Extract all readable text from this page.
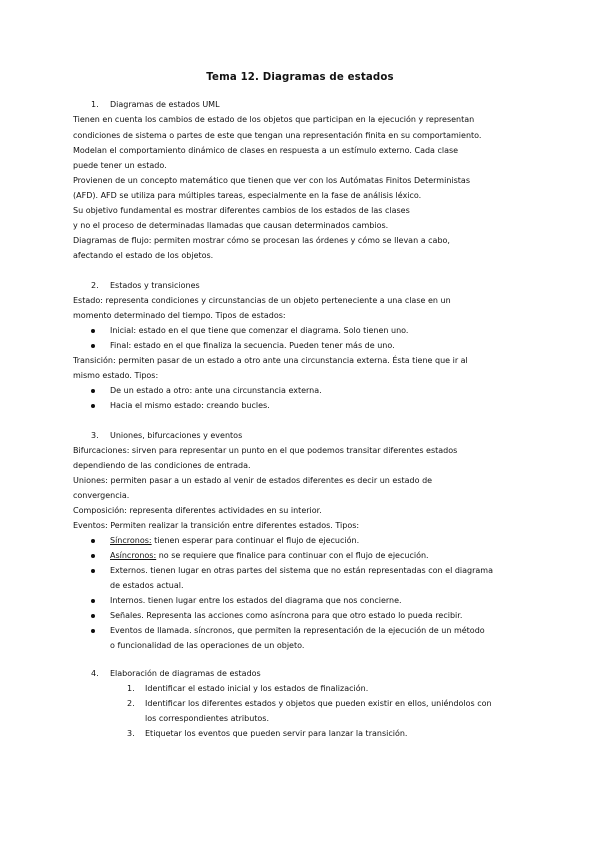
Tema 12. Diagramas de estados
1. Diagramas de estados UML
Tienen en cuenta los cambios de estado de los objetos que participan en la ejecución y representan
condiciones de sistema o partes de este que tengan una representación finita en su comportamiento.
Modelan el comportamiento dinámico de clases en respuesta a un estímulo externo. Cada clase
puede tener un estado.
Provienen de un concepto matemático que tienen que ver con los Autómatas Finitos Deterministas
(AFD). AFD se utiliza para múltiples tareas, especialmente en la fase de análisis léxico.
Su objetivo fundamental es mostrar diferentes cambios de los estados de las clases
y no el proceso de determinadas llamadas que causan determinados cambios.
Diagramas de flujo: permiten mostrar cómo se procesan las órdenes y cómo se llevan a cabo,
afectando el estado de los objetos.
2. Estados y transiciones
Estado: representa condiciones y circunstancias de un objeto perteneciente a una clase en un
momento determinado del tiempo. Tipos de estados:
Inicial: estado en el que tiene que comenzar el diagrama. Solo tienen uno.
Final: estado en el que finaliza la secuencia. Pueden tener más de uno.
Transición: permiten pasar de un estado a otro ante una circunstancia externa. Ésta tiene que ir al
mismo estado. Tipos:
De un estado a otro: ante una circunstancia externa.
Hacia el mismo estado: creando bucles.
3. Uniones, bifurcaciones y eventos
Bifurcaciones: sirven para representar un punto en el que podemos transitar diferentes estados
dependiendo de las condiciones de entrada.
Uniones: permiten pasar a un estado al venir de estados diferentes es decir un estado de
convergencia.
Composición: representa diferentes actividades en su interior.
Eventos: Permiten realizar la transición entre diferentes estados. Tipos:
Síncronos: tienen esperar para continuar el flujo de ejecución.
Asíncronos: no se requiere que finalice para continuar con el flujo de ejecución.
Externos. tienen lugar en otras partes del sistema que no están representadas con el diagrama
de estados actual.
Internos. tienen lugar entre los estados del diagrama que nos concierne.
Señales. Representa las acciones como asíncrona para que otro estado lo pueda recibir.
Eventos de llamada. síncronos, que permiten la representación de la ejecución de un método
o funcionalidad de las operaciones de un objeto.
4. Elaboración de diagramas de estados
1. Identificar el estado inicial y los estados de finalización.
2. Identificar los diferentes estados y objetos que pueden existir en ellos, uniéndolos con
los correspondientes atributos.
3. Etiquetar los eventos que pueden servir para lanzar la transición.
